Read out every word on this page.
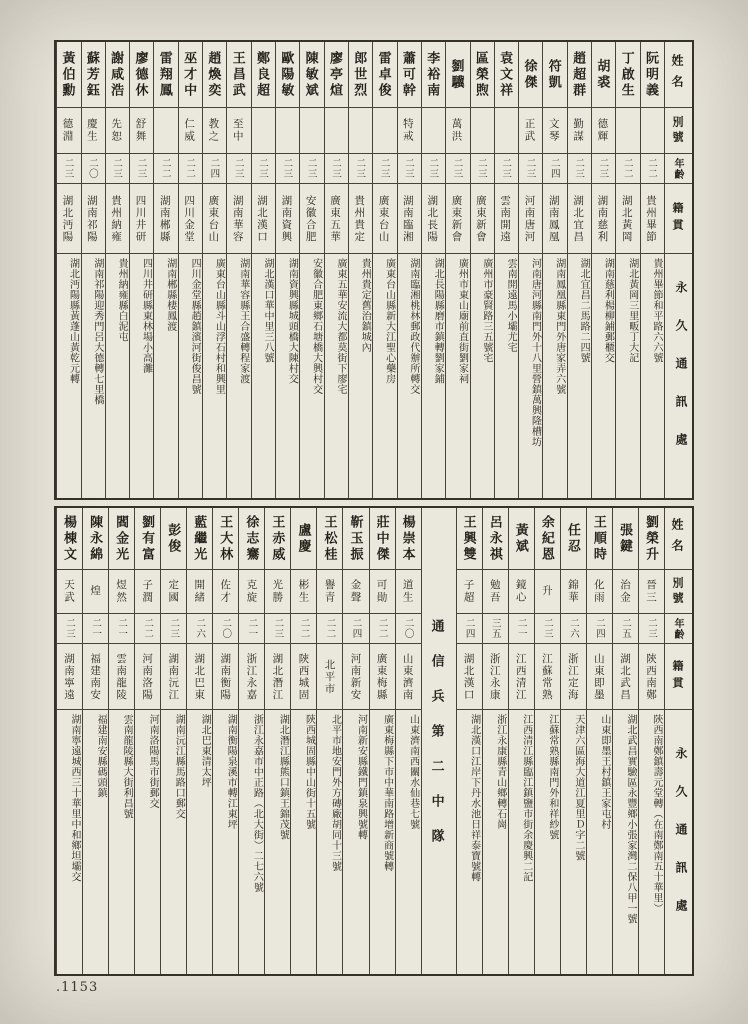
姓名
別號
年齡
籍貫
永久通訊處
阮明義
二二
貴州畢節
貴州畢節和平路六六號
丁啟生
二二
湖北黃岡
湖北黃岡三里畈丁大記
胡裘
德輝
二三
湖南慈利
湖南慈利楊柳鋪郵櫃交
趙超群
勤謀
二三
湖北宜昌
湖北宜昌二馬路二四號
符凱
文琴
二四
湖南鳳凰
湖南鳳凰縣東門外唐家弄六號
徐傑
正武
二三
河南唐河
河南唐河縣南門外十八里營鎮萬興隆槽坊
袁文祥
二三
雲南開遠
雲南開遠馬小壩尤宅
區榮煦
二三
廣東新會
廣州市豪賢路三五號宅
劉驥
萬洪
二三
廣東新會
廣州市東山廟前直街劉家祠
李裕南
二三
湖北長陽
湖北長陽縣磨市鎮轉劉家鋪
蕭可幹
特戒
二三
湖南臨湘
湖南臨湘桃林郵政代辦所轉交
雷卓俊
二三
廣東台山
廣東台山縣新大江聖心藥房
郎世烈
二三
貴州貴定
貴州貴定舊治鎮城內
廖亭煊
二三
廣東五華
廣東五華安流大都莫街下廖宅
陳敏斌
二三
安徽合肥
安徽合肥東鄉石塘橋大興村交
歐陽敏
二三
湖南資興
湖南資興縣城頭橋大陳村交
鄭良超
二三
湖北漢口
湖北漢口華中里三八號
王昌武
至中
二三
湖南華容
湖南華容縣王合盛轉程家渡
趙煥奕
教之
二四
廣東台山
廣東台山縣斗山浮石村和興里
巫才中
仁威
二二
四川金堂
四川金堂縣趙鎮濱河街俊昌號
雷翔鳳
二二
湖南郴縣
湖南郴縣棲鳳渡
廖德休
舒舞
二三
四川井研
四川井研縣東林場小高灘
謝咸浩
先恕
二三
貴州納雍
貴州納雍縣白泥屯
蘇芳鈺
慶生
二〇
湖南祁陽
湖南祁陽迎秀門呂大德轉七里橋
黃伯勳
德淵
二三
湖北沔陽
湖北沔陽縣黃蓬山黃乾元轉
姓名
別號
年齡
籍貫
永久通訊處
劉榮升
晉三
二三
陝西南鄭
陝西南鄭鎮壽元堂轉（在南鄭南五十華里）
張鍵
治金
二五
湖北武昌
湖北武昌實驗區永豐鄉小張家灣二保八甲一號
王順時
化雨
二四
山東即墨
山東即墨王村鎮王家屯村
任忍
錦華
二六
浙江定海
天津六區海大道江夏里Ｄ字二號
余紀恩
升
二三
江蘇常熟
江蘇常熟縣南門外和祥紗號
黃斌
鏡心
二一
江西清江
江西清江縣臨江鎮鹽市街余慶興二記
呂永祺
勉吾
三五
浙江永康
浙江永康縣青山鄉轉石崗
王興雙
子超
二四
湖北漢口
湖北漢口江岸下丹水池日祥泰寶號轉
通信兵第二中隊
楊崇本
道生
二〇
山東濟南
山東濟南西關水仙巷七號
莊中傑
可勛
二二
廣東梅縣
廣東梅縣下市中華南路增新商號轉
靳玉振
金聲
二四
河南新安
河南新安縣鐵門鎮泉興號轉
王松桂
譽青
二二
北平市
北平市地安門外方磚廠胡同十三號
盧慶
彬生
二二
陝西城固
陝西城固縣中山街十五號
王赤威
光勝
二三
湖北潛江
湖北潛江縣熊口鎮王錦茂號
徐志騫
克旋
二一
浙江永嘉
浙江永嘉市中正路（北大街）二七六號
王大林
佐才
二〇
湖南衡陽
湖南衡陽泉溪市轉江東坪
藍繼光
開緒
二六
湖北巴東
湖北巴東清太坪
彭俊
定國
二三
湖南沅江
湖南沅江縣馬路口郵交
劉有富
子潤
二二
河南洛陽
河南洛陽馬市街郵交
閻金光
煜然
二一
雲南龍陵
雲南龍陵縣大街利昌號
陳永綿
煌
二一
福建南安
福建南安縣碼頭鎮
楊棟文
天武
二三
湖南寧遠
湖南寧遠城西三十華里中和鄉坦壩交
.1153
